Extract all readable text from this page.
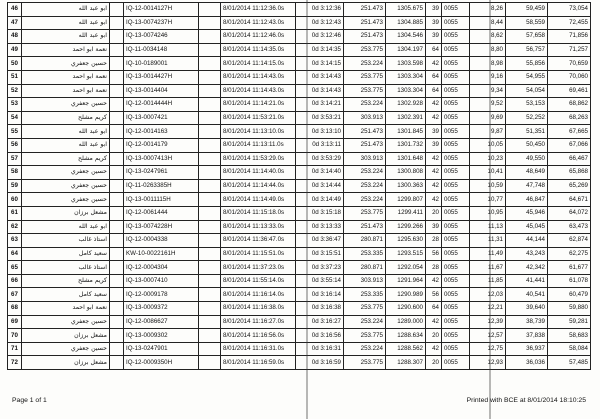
46	ابو عبد الله		IQ-12-0014127H		8/01/2014 11:12:36.0s	0d 3:12:36	251.473	1305.675	39	0055	8,26	59,459	73,054
47	ابو عبد الله		IQ-13-0074237H		8/01/2014 11:12:43.0s	0d 3:12:43	251.473	1304.885	39	0055	8,44	58,559	72,455
48	ابو عبد الله		IQ-13-0074246		8/01/2014 11:12:46.0s	0d 3:12:46	251.473	1304.546	39	0055	8,62	57,658	71,856
49	نعمة ابو احمد		IQ-11-0034148		8/01/2014 11:14:35.0s	0d 3:14:35	253.775	1304.197	64	0055	8,80	56,757	71,257
50	حسين جعفري		IQ-10-0189001		8/01/2014 11:14:15.0s	0d 3:14:15	253.224	1303.598	42	0055	8,98	55,856	70,659
51	نعمة ابو احمد		IQ-13-0014427H		8/01/2014 11:14:43.0s	0d 3:14:43	253.775	1303.304	64	0055	9,16	54,955	70,060
52	نعمة ابو احمد		IQ-13-0014404		8/01/2014 11:14:43.0s	0d 3:14:43	253.775	1303.304	64	0055	9,34	54,054	69,461
53	حسين جعفري		IQ-12-0014444H		8/01/2014 11:14:21.0s	0d 3:14:21	253.224	1302.928	42	0055	9,52	53,153	68,862
54	كريم مشلح		IQ-13-0007421		8/01/2014 11:53:21.0s	0d 3:53:21	303.913	1302.391	42	0055	9,69	52,252	68,263
55	ابو عبد الله		IQ-12-0014163		8/01/2014 11:13:10.0s	0d 3:13:10	251.473	1301.845	39	0055	9,87	51,351	67,665
56	ابو عبد الله		IQ-12-0014179		8/01/2014 11:13:11.0s	0d 3:13:11	251.473	1301.732	39	0055	10,05	50,450	67,066
57	كريم مشلح		IQ-13-0007413H		8/01/2014 11:53:29.0s	0d 3:53:29	303.913	1301.648	42	0055	10,23	49,550	66,467
58	حسين جعفري		IQ-13-0247961		8/01/2014 11:14:40.0s	0d 3:14:40	253.224	1300.808	42	0055	10,41	48,649	65,868
59	حسين جعفري		IQ-11-0263385H		8/01/2014 11:14:44.0s	0d 3:14:44	253.224	1300.363	42	0055	10,59	47,748	65,269
60	حسين جعفري		IQ-13-0011115H		8/01/2014 11:14:49.0s	0d 3:14:49	253.224	1299.807	42	0055	10,77	46,847	64,671
61	مشعل برزان		IQ-12-0061444		8/01/2014 11:15:18.0s	0d 3:15:18	253.775	1299.411	20	0055	10,95	45,946	64,072
62	ابو عبد الله		IQ-13-0074228H		8/01/2014 11:13:33.0s	0d 3:13:33	251.473	1299.266	39	0055	11,13	45,045	63,473
63	استاذ غالب		IQ-12-0004338		8/01/2014 11:36:47.0s	0d 3:36:47	280.871	1295.630	28	0055	11,31	44,144	62,874
64	سعيد كامل		KW-10-0022161H		8/01/2014 11:15:51.0s	0d 3:15:51	253.335	1293.515	56	0055	11,49	43,243	62,275
65	استاذ غالب		IQ-12-0004304		8/01/2014 11:37:23.0s	0d 3:37:23	280.871	1292.054	28	0055	11,67	42,342	61,677
66	كريم مشلح		IQ-13-0007410		8/01/2014 11:55:14.0s	0d 3:55:14	303.913	1291.964	42	0055	11,85	41,441	61,078
67	سعيد كامل		IQ-12-0009178		8/01/2014 11:16:14.0s	0d 3:16:14	253.335	1290.989	56	0055	12,03	40,541	60,479
68	نعمة ابو احمد		IQ-13-0009372		8/01/2014 11:16:38.0s	0d 3:16:38	253.775	1290.600	64	0055	12,21	39,640	59,880
69	حسين جعفري		IQ-12-0086627		8/01/2014 11:16:27.0s	0d 3:16:27	253.224	1289.000	42	0055	12,39	38,739	59,281
70	مشعل برزان		IQ-13-0009302		8/01/2014 11:16:56.0s	0d 3:16:56	253.775	1288.634	20	0055	12,57	37,838	58,683
71	حسين جعفري		IQ-13-0247901		8/01/2014 11:16:31.0s	0d 3:16:31	253.224	1288.562	42	0055	12,75	36,937	58,084
72	مشعل برزان		IQ-12-0009350H		8/01/2014 11:16:59.0s	0d 3:16:59	253.775	1288.307	20	0055	12,93	36,036	57,485
Page 1 of 1	Printed with BCE at 8/01/2014 18:10:25
